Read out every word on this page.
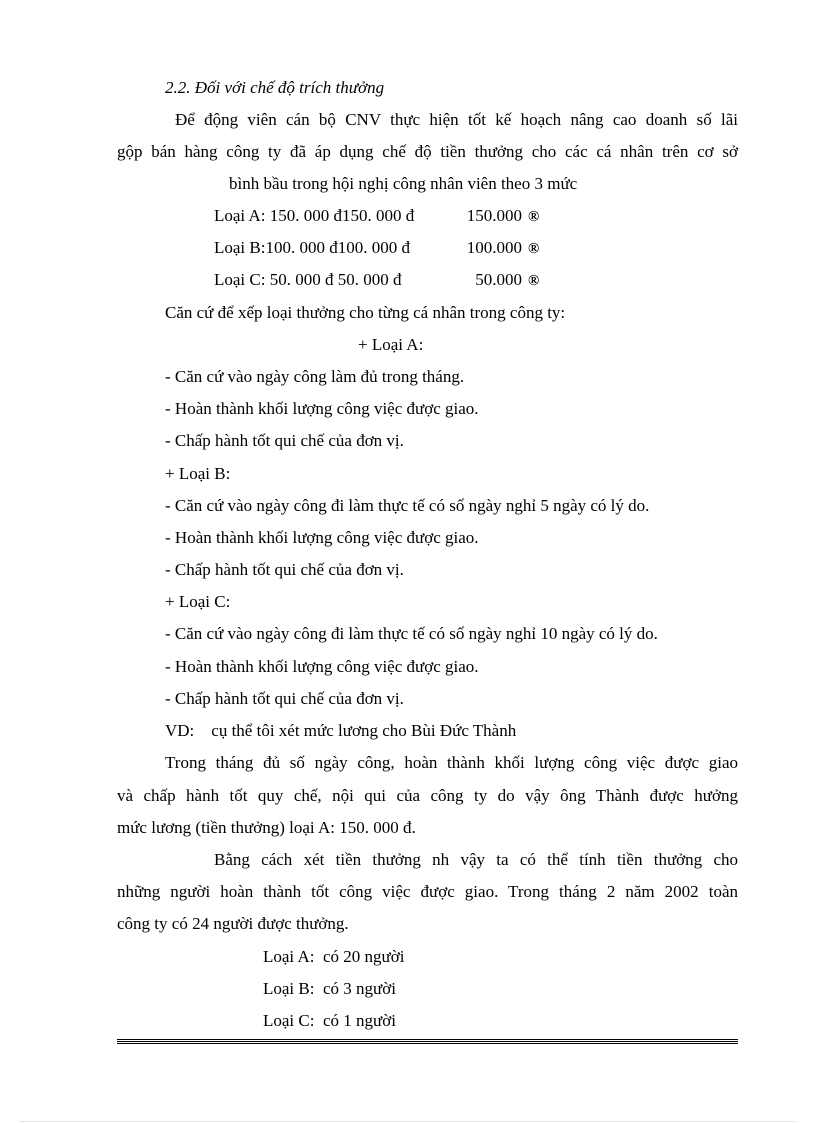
2.2. Đối với chế độ trích thưởng
Để động viên cán bộ CNV thực hiện tốt kế hoạch nâng cao doanh số lãi
gộp bán hàng công ty đã áp dụng chế độ tiền thưởng cho các cá nhân trên cơ sở
bình bầu trong hội nghị công nhân viên theo 3 mức
Loại A: 150. 000 đ150. 000 đ	150.000 ®
Loại B:100. 000 đ100. 000 đ	100.000 ®
Loại C: 50. 000 đ 50. 000 đ	50.000 ®
Căn cứ để xếp loại thưởng cho từng cá nhân trong công ty:
+ Loại A:
- Căn cứ vào ngày công làm đủ trong tháng.
- Hoàn thành khối lượng công việc được giao.
- Chấp hành tốt qui chế của đơn vị.
+ Loại B:
- Căn cứ vào ngày công đi làm thực tế có số ngày nghỉ 5 ngày có lý do.
- Hoàn thành khối lượng công việc được giao.
- Chấp hành tốt qui chế của đơn vị.
+ Loại C:
- Căn cứ vào ngày công đi làm thực tế có số ngày nghỉ 10 ngày có lý do.
- Hoàn thành khối lượng công việc được giao.
- Chấp hành tốt qui chế của đơn vị.
VD:    cụ thể tôi xét mức lương cho Bùi Đức Thành
Trong tháng đủ số ngày công, hoàn thành khối lượng công việc được giao
và chấp hành tốt quy chế, nội qui của công ty do vậy ông Thành được hưởng
mức lương (tiền thưởng) loại A: 150. 000 đ.
Bằng cách xét tiền thưởng nh vậy ta có thể tính tiền thưởng cho
những người hoàn thành tốt công việc được giao. Trong tháng 2 năm 2002 toàn
công ty có 24 người được thưởng.
Loại A:  có 20 người
Loại B:  có 3 người
Loại C:  có 1 người
